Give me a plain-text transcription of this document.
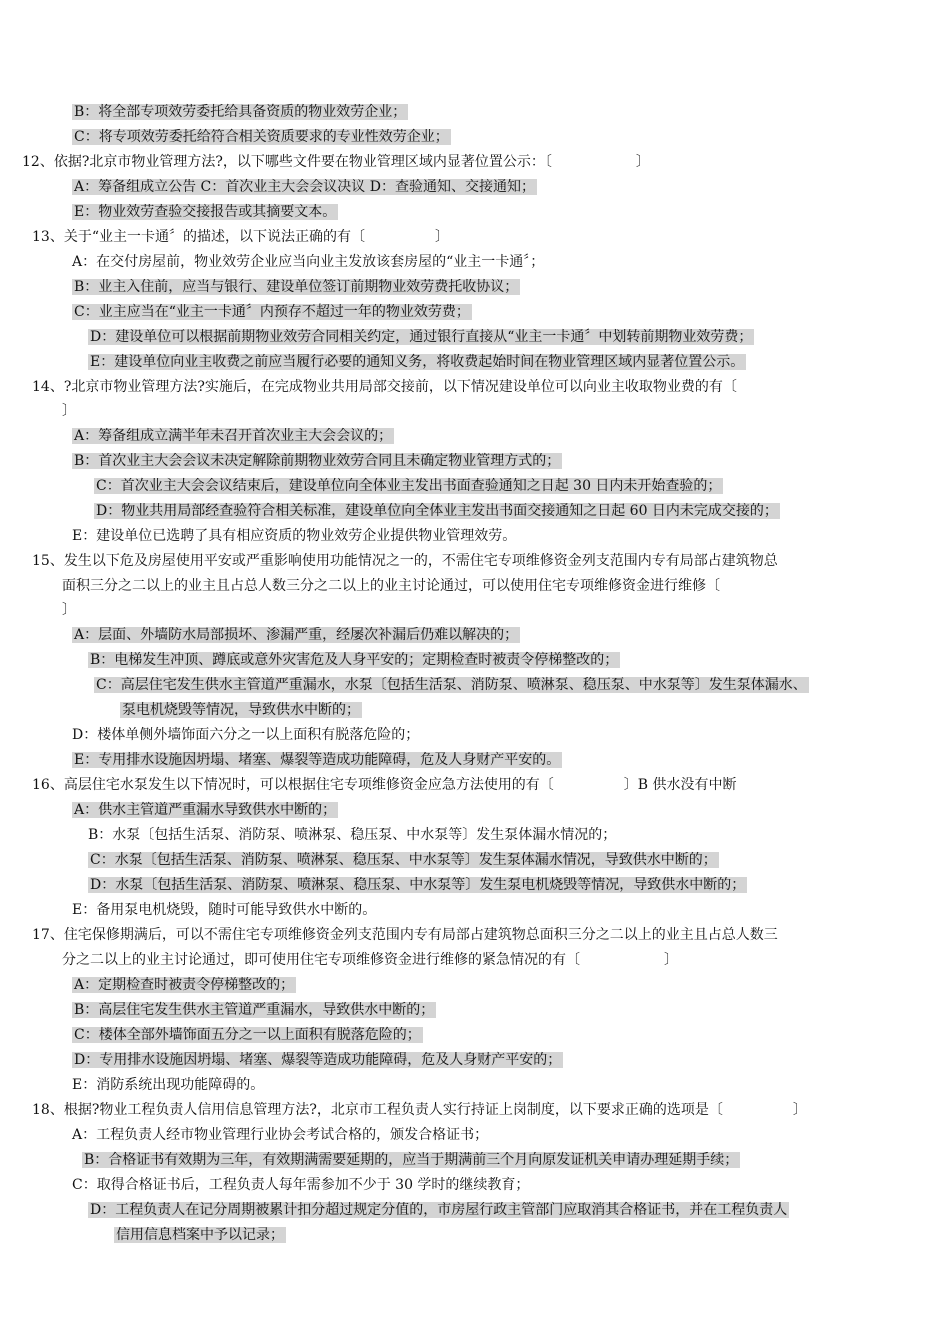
B：将全部专项效劳委托给具备资质的物业效劳企业；
C：将专项效劳委托给符合相关资质要求的专业性效劳企业；
12、依据?北京市物业管理方法?，以下哪些文件要在物业管理区域内显著位置公示：〔　　　　　　〕
A：筹备组成立公告 C：首次业主大会会议决议 D：查验通知、交接通知；
E：物业效劳查验交接报告或其摘要文本。
13、关于“业主一卡通〞的描述，以下说法正确的有〔　　　　　〕
A：在交付房屋前，物业效劳企业应当向业主发放该套房屋的“业主一卡通〞；
B：业主入住前，应当与银行、建设单位签订前期物业效劳费托收协议；
C：业主应当在“业主一卡通〞内预存不超过一年的物业效劳费；
D：建设单位可以根据前期物业效劳合同相关约定，通过银行直接从“业主一卡通〞中划转前期物业效劳费；
E：建设单位向业主收费之前应当履行必要的通知义务，将收费起始时间在物业管理区域内显著位置公示。
14、?北京市物业管理方法?实施后，在完成物业共用局部交接前，以下情况建设单位可以向业主收取物业费的有〔
〕
A：筹备组成立满半年未召开首次业主大会会议的；
B：首次业主大会会议未决定解除前期物业效劳合同且未确定物业管理方式的；
C：首次业主大会会议结束后，建设单位向全体业主发出书面查验通知之日起 30 日内未开始查验的；
D：物业共用局部经查验符合相关标准，建设单位向全体业主发出书面交接通知之日起 60 日内未完成交接的；
E：建设单位已选聘了具有相应资质的物业效劳企业提供物业管理效劳。
15、发生以下危及房屋使用平安或严重影响使用功能情况之一的，不需住宅专项维修资金列支范围内专有局部占建筑物总
面积三分之二以上的业主且占总人数三分之二以上的业主讨论通过，可以使用住宅专项维修资金进行维修〔
〕
A：层面、外墙防水局部损坏、渗漏严重，经屡次补漏后仍难以解决的；
B：电梯发生冲顶、蹲底或意外灾害危及人身平安的；定期检查时被责令停梯整改的；
C：高层住宅发生供水主管道严重漏水，水泵〔包括生活泵、消防泵、喷淋泵、稳压泵、中水泵等〕发生泵体漏水、
泵电机烧毁等情况，导致供水中断的；
D：楼体单侧外墙饰面六分之一以上面积有脱落危险的；
E：专用排水设施因坍塌、堵塞、爆裂等造成功能障碍，危及人身财产平安的。
16、高层住宅水泵发生以下情况时，可以根据住宅专项维修资金应急方法使用的有〔　　　　　〕B 供水没有中断
A：供水主管道严重漏水导致供水中断的；
B：水泵〔包括生活泵、消防泵、喷淋泵、稳压泵、中水泵等〕发生泵体漏水情况的；
C：水泵〔包括生活泵、消防泵、喷淋泵、稳压泵、中水泵等〕发生泵体漏水情况，导致供水中断的；
D：水泵〔包括生活泵、消防泵、喷淋泵、稳压泵、中水泵等〕发生泵电机烧毁等情况，导致供水中断的；
E：备用泵电机烧毁，随时可能导致供水中断的。
17、住宅保修期满后，可以不需住宅专项维修资金列支范围内专有局部占建筑物总面积三分之二以上的业主且占总人数三
分之二以上的业主讨论通过，即可使用住宅专项维修资金进行维修的紧急情况的有〔　　　　　　〕
A：定期检查时被责令停梯整改的；
B：高层住宅发生供水主管道严重漏水，导致供水中断的；
C：楼体全部外墙饰面五分之一以上面积有脱落危险的；
D：专用排水设施因坍塌、堵塞、爆裂等造成功能障碍，危及人身财产平安的；
E：消防系统出现功能障碍的。
18、根据?物业工程负责人信用信息管理方法?，北京市工程负责人实行持证上岗制度，以下要求正确的选项是〔　　　　　〕
A：工程负责人经市物业管理行业协会考试合格的，颁发合格证书；
B：合格证书有效期为三年，有效期满需要延期的，应当于期满前三个月向原发证机关申请办理延期手续；
C：取得合格证书后，工程负责人每年需参加不少于 30 学时的继续教育；
D：工程负责人在记分周期被累计扣分超过规定分值的，市房屋行政主管部门应取消其合格证书，并在工程负责人
信用信息档案中予以记录；
